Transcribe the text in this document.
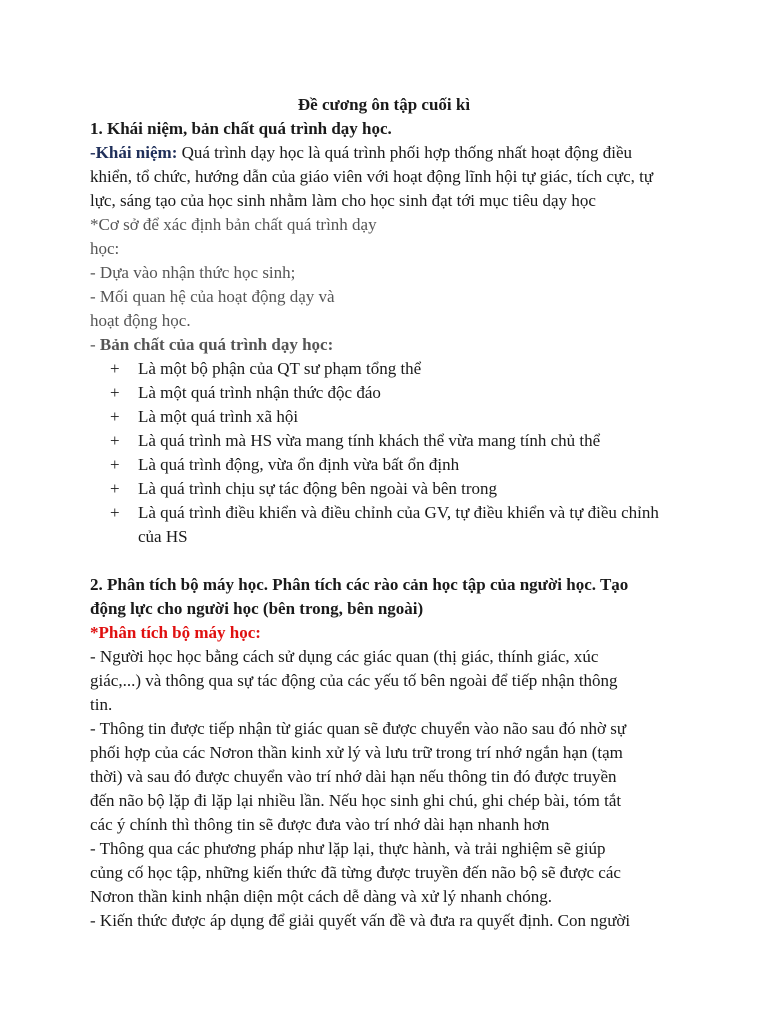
Đề cương ôn tập cuối kì
1. Khái niệm, bản chất quá trình dạy học.
-Khái niệm: Quá trình dạy học là quá trình phối hợp thống nhất hoạt động điều
khiển, tổ chức, hướng dẫn của giáo viên với hoạt động lĩnh hội tự giác, tích cực, tự
lực, sáng tạo của học sinh nhằm làm cho học sinh đạt tới mục tiêu dạy học
*Cơ sở để xác định bản chất quá trình dạy
học:
- Dựa vào nhận thức học sinh;
- Mối quan hệ của hoạt động dạy và
hoạt động học.
- Bản chất của quá trình dạy học:
+	Là một bộ phận của QT sư phạm tổng thể
+	Là một quá trình nhận thức độc đáo
+	Là một quá trình xã hội
+	Là quá trình mà HS vừa mang tính khách thể vừa mang tính chủ thể
+	Là quá trình động, vừa ổn định vừa bất ổn định
+	Là quá trình chịu sự tác động bên ngoài và bên trong
+	Là quá trình điều khiển và điều chỉnh của GV, tự điều khiển và tự điều chỉnh
của HS
2. Phân tích bộ máy học. Phân tích các rào cản học tập của người học. Tạo
động lực cho người học (bên trong, bên ngoài)
*Phân tích bộ máy học:
- Người học học bằng cách sử dụng các giác quan (thị giác, thính giác, xúc
giác,...) và thông qua sự tác động của các yếu tố bên ngoài để tiếp nhận thông
tin.
- Thông tin được tiếp nhận từ giác quan sẽ được chuyển vào não sau đó nhờ sự
phối hợp của các Nơron thần kinh xử lý và lưu trữ trong trí nhớ ngắn hạn (tạm
thời) và sau đó được chuyển vào trí nhớ dài hạn nếu thông tin đó được truyền
đến não bộ lặp đi lặp lại nhiều lần. Nếu học sinh ghi chú, ghi chép bài, tóm tắt
các ý chính thì thông tin sẽ được đưa vào trí nhớ dài hạn nhanh hơn
- Thông qua các phương pháp như lặp lại, thực hành, và trải nghiệm sẽ giúp
củng cố học tập, những kiến thức đã từng được truyền đến não bộ sẽ được các
Nơron thần kinh nhận diện một cách dễ dàng và xử lý nhanh chóng.
- Kiến thức được áp dụng để giải quyết vấn đề và đưa ra quyết định. Con người
